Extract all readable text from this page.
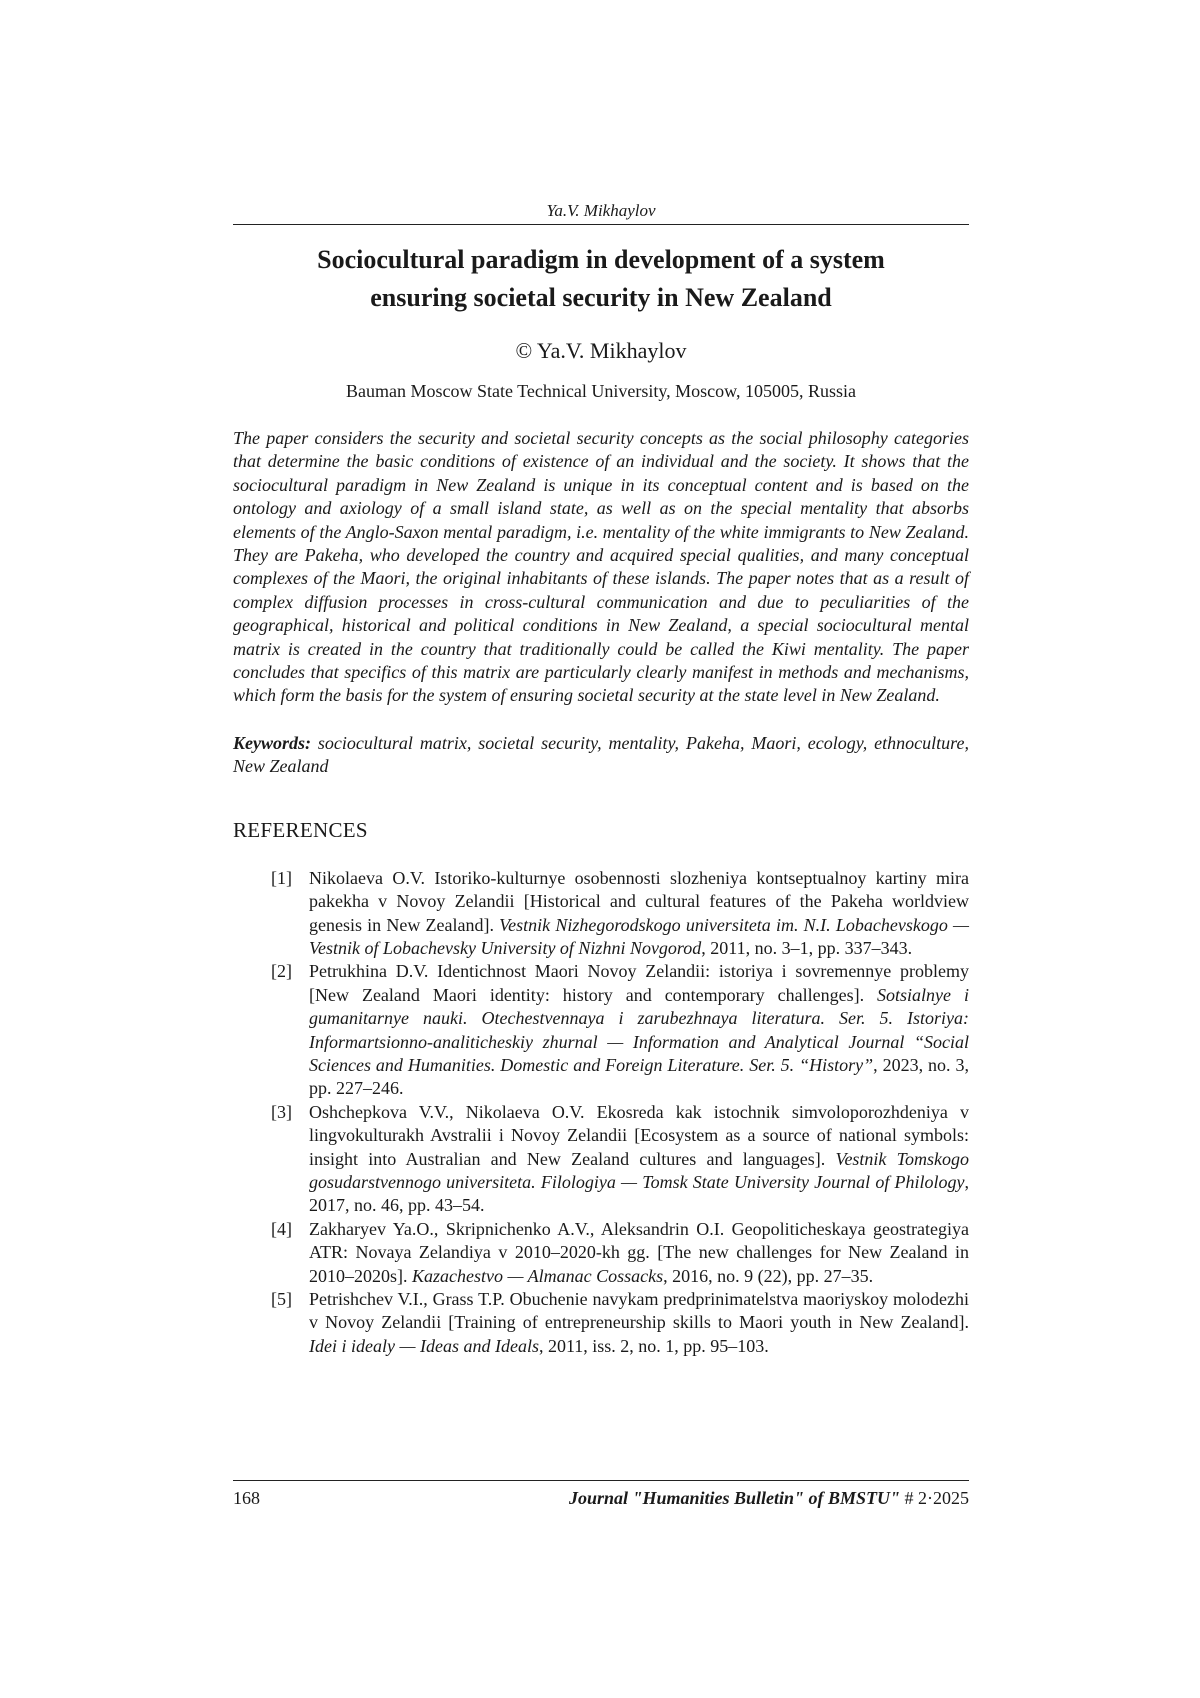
Ya.V. Mikhaylov
Sociocultural paradigm in development of a system
ensuring societal security in New Zealand
© Ya.V. Mikhaylov
Bauman Moscow State Technical University, Moscow, 105005, Russia

The paper considers the security and societal security concepts as the social philosophy categories that determine the basic conditions of existence of an individual and the society. It shows that the sociocultural paradigm in New Zealand is unique in its conceptual content and is based on the ontology and axiology of a small island state, as well as on the special mentality that absorbs elements of the Anglo-Saxon mental paradigm, i.e. mentality of the white immigrants to New Zealand. They are Pakeha, who developed the country and acquired special qualities, and many conceptual complexes of the Maori, the original inhabitants of these islands. The paper notes that as a result of complex diffusion processes in cross-cultural communication and due to peculiarities of the geographical, historical and political conditions in New Zealand, a special sociocultural mental matrix is created in the country that traditionally could be called the Kiwi mentality. The paper concludes that specifics of this matrix are particularly clearly manifest in methods and mechanisms, which form the basis for the system of ensuring societal security at the state level in New Zealand.

Keywords: sociocultural matrix, societal security, mentality, Pakeha, Maori, ecology, ethnoculture, New Zealand

REFERENCES
[1] Nikolaeva O.V. Istoriko-kulturnye osobennosti slozheniya kontseptualnoy kartiny mira pakekha v Novoy Zelandii [Historical and cultural features of the Pakeha worldview genesis in New Zealand]. Vestnik Nizhegorodskogo universiteta im. N.I. Lobachevskogo — Vestnik of Lobachevsky University of Nizhni Novgorod, 2011, no. 3–1, pp. 337–343.
[2] Petrukhina D.V. Identichnost Maori Novoy Zelandii: istoriya i sovremennye problemy [New Zealand Maori identity: history and contemporary challenges]. Sotsialnye i gumanitarnye nauki. Otechestvennaya i zarubezhnaya literatura. Ser. 5. Istoriya: Informartsionno-analiticheskiy zhurnal — Information and Analytical Journal “Social Sciences and Humanities. Domestic and Foreign Literature. Ser. 5. “History”, 2023, no. 3, pp. 227–246.
[3] Oshchepkova V.V., Nikolaeva O.V. Ekosreda kak istochnik simvoloporozhdeniya v lingvokulturakh Avstralii i Novoy Zelandii [Ecosystem as a source of national symbols: insight into Australian and New Zealand cultures and languages]. Vestnik Tomskogo gosudarstvennogo universiteta. Filologiya — Tomsk State University Journal of Philology, 2017, no. 46, pp. 43–54.
[4] Zakharyev Ya.O., Skripnichenko A.V., Aleksandrin O.I. Geopoliticheskaya geostrategiya ATR: Novaya Zelandiya v 2010–2020-kh gg. [The new challenges for New Zealand in 2010–2020s]. Kazachestvo — Almanac Cossacks, 2016, no. 9 (22), pp. 27–35.
[5] Petrishchev V.I., Grass T.P. Obuchenie navykam predprinimatelstva maoriyskoy molodezhi v Novoy Zelandii [Training of entrepreneurship skills to Maori youth in New Zealand]. Idei i idealy — Ideas and Ideals, 2011, iss. 2, no. 1, pp. 95–103.
168	Journal "Humanities Bulletin" of BMSTU" # 2·2025
